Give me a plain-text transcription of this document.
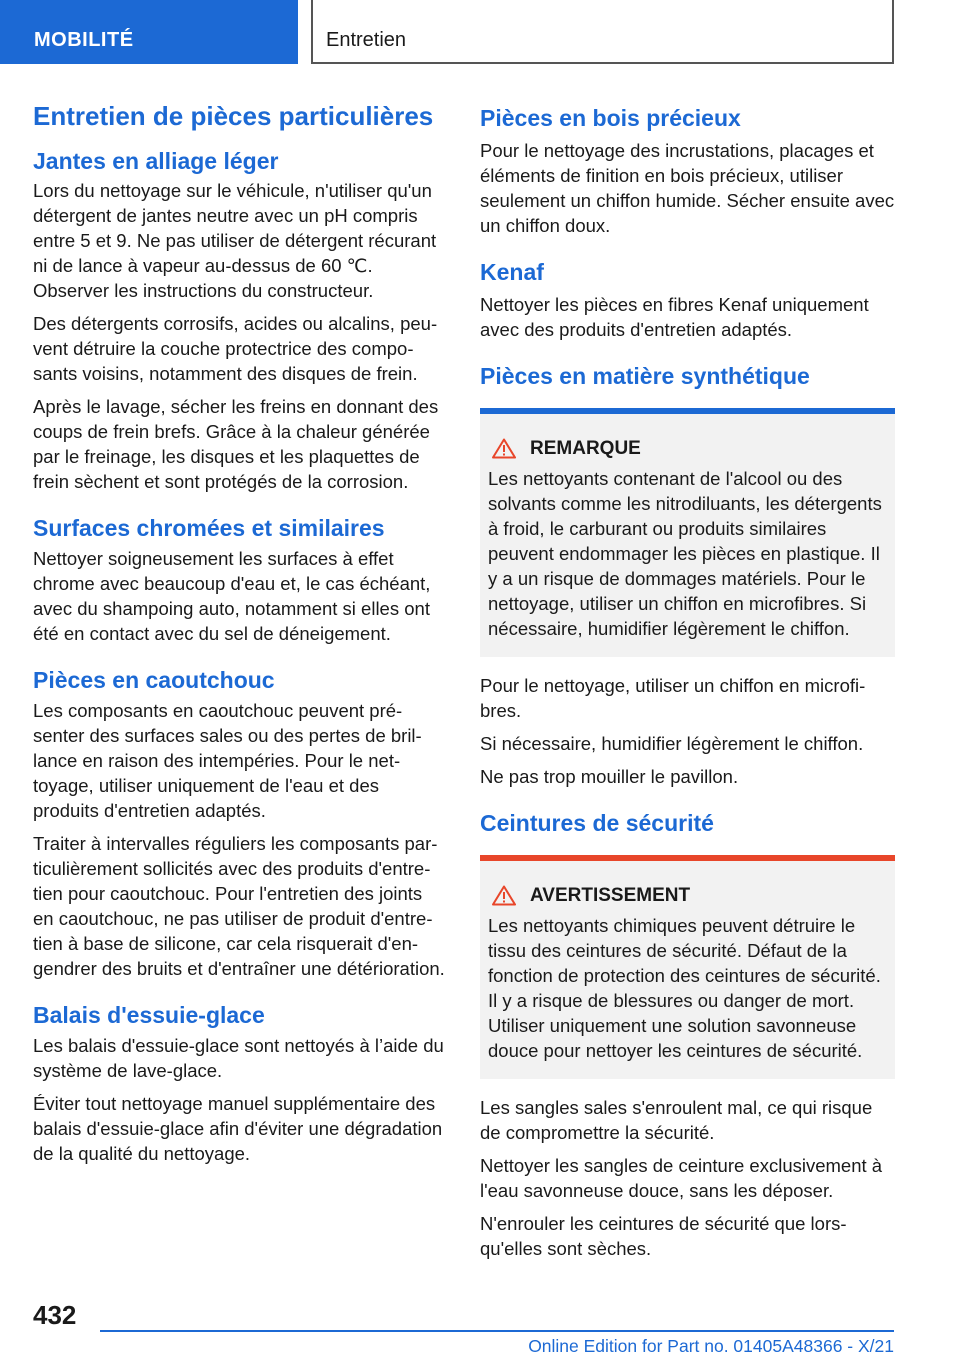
MOBILITÉ	Entretien
Entretien de pièces particulières
Jantes en alliage léger

Lors du nettoyage sur le véhicule, n'utiliser qu'un détergent de jantes neutre avec un pH compris entre 5 et 9. Ne pas utiliser de détergent récurant ni de lance à vapeur au-dessus de 60 ℃. Observer les instructions du constructeur.

Des détergents corrosifs, acides ou alcalins, peuvent détruire la couche protectrice des composants voisins, notamment des disques de frein.

Après le lavage, sécher les freins en donnant des coups de frein brefs. Grâce à la chaleur générée par le freinage, les disques et les plaquettes de frein sèchent et sont protégés de la corrosion.

Surfaces chromées et similaires

Nettoyer soigneusement les surfaces à effet chrome avec beaucoup d'eau et, le cas échéant, avec du shampoing auto, notamment si elles ont été en contact avec du sel de déneigement.

Pièces en caoutchouc

Les composants en caoutchouc peuvent présenter des surfaces sales ou des pertes de brillance en raison des intempéries. Pour le nettoyage, utiliser uniquement de l'eau et des produits d'entretien adaptés.

Traiter à intervalles réguliers les composants particulièrement sollicités avec des produits d'entretien pour caoutchouc. Pour l'entretien des joints en caoutchouc, ne pas utiliser de produit d'entretien à base de silicone, car cela risquerait d'engendrer des bruits et d'entraîner une détérioration.

Balais d'essuie-glace

Les balais d'essuie-glace sont nettoyés à l’aide du système de lave-glace.

Éviter tout nettoyage manuel supplémentaire des balais d'essuie-glace afin d'éviter une dégradation de la qualité du nettoyage.

Pièces en bois précieux

Pour le nettoyage des incrustations, placages et éléments de finition en bois précieux, utiliser seulement un chiffon humide. Sécher ensuite avec un chiffon doux.

Kenaf

Nettoyer les pièces en fibres Kenaf uniquement avec des produits d'entretien adaptés.

Pièces en matière synthétique
REMARQUE

Les nettoyants contenant de l'alcool ou des solvants comme les nitrodiluants, les détergents à froid, le carburant ou produits similaires peuvent endommager les pièces en plastique. Il y a un risque de dommages matériels. Pour le nettoyage, utiliser un chiffon en microfibres. Si nécessaire, humidifier légèrement le chiffon.

Pour le nettoyage, utiliser un chiffon en microfibres.

Si nécessaire, humidifier légèrement le chiffon.

Ne pas trop mouiller le pavillon.

Ceintures de sécurité
AVERTISSEMENT

Les nettoyants chimiques peuvent détruire le tissu des ceintures de sécurité. Défaut de la fonction de protection des ceintures de sécurité. Il y a risque de blessures ou danger de mort. Utiliser uniquement une solution savonneuse douce pour nettoyer les ceintures de sécurité.

Les sangles sales s'enroulent mal, ce qui risque de compromettre la sécurité.

Nettoyer les sangles de ceinture exclusivement à l'eau savonneuse douce, sans les déposer.

N'enrouler les ceintures de sécurité que lorsqu'elles sont sèches.

432
Online Edition for Part no. 01405A48366 - X/21
